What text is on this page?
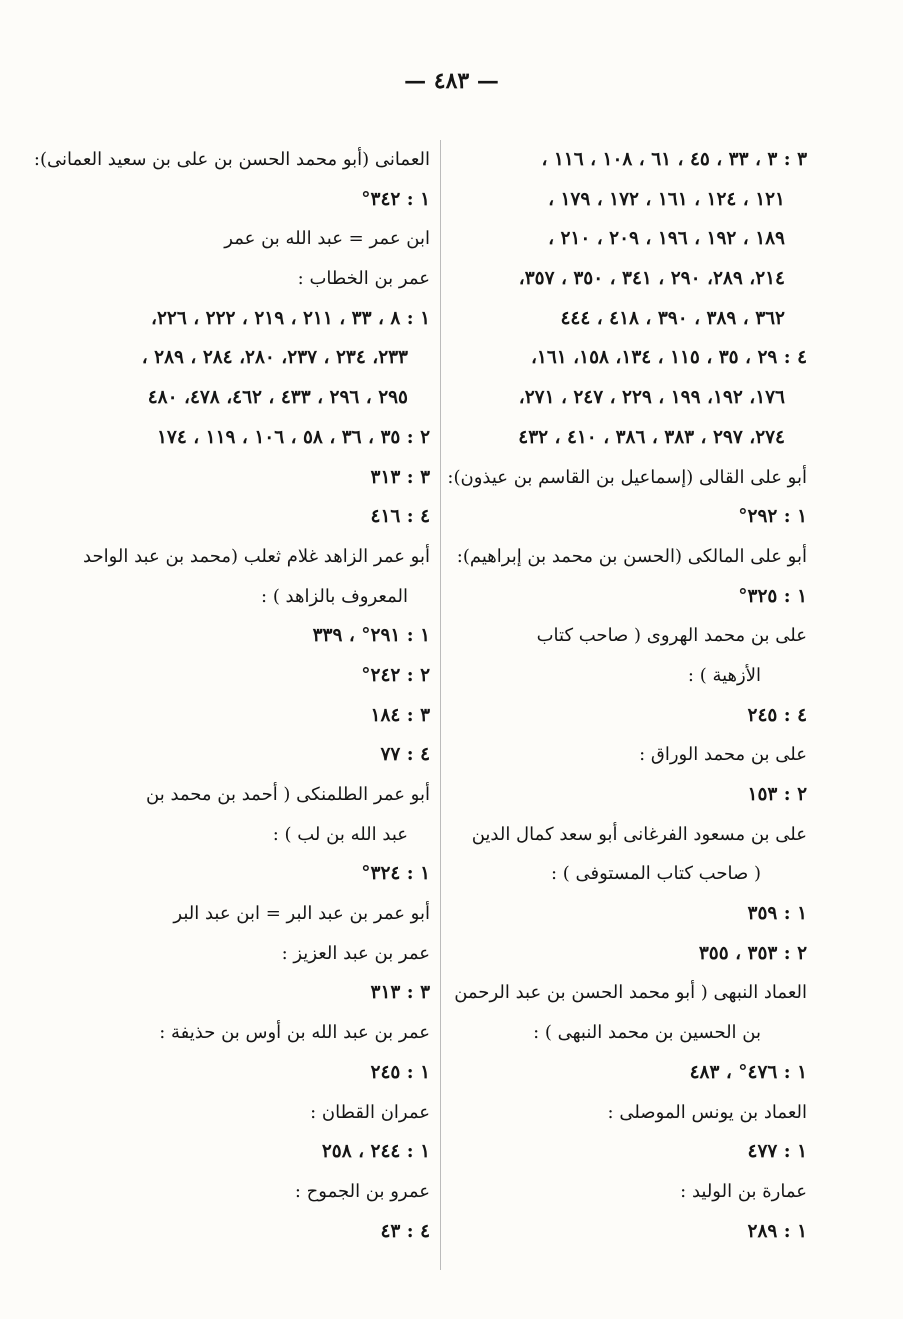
— ٤٨٣ —
٣ : ٣ ، ٣٣ ، ٤٥ ، ٦١ ، ١٠٨ ، ١١٦ ،
١٢١ ، ١٢٤ ، ١٦١ ، ١٧٢ ، ١٧٩ ،
١٨٩ ، ١٩٢ ، ١٩٦ ، ٢٠٩ ، ٢١٠ ،
٢١٤، ٢٨٩، ٢٩٠ ، ٣٤١ ، ٣٥٠ ، ٣٥٧،
٣٦٢ ، ٣٨٩ ، ٣٩٠ ، ٤١٨ ، ٤٤٤
٤ : ٢٩ ، ٣٥ ، ١١٥ ، ١٣٤، ١٥٨، ١٦١،
١٧٦، ١٩٢، ١٩٩ ، ٢٢٩ ، ٢٤٧ ، ٢٧١،
٢٧٤، ٢٩٧ ، ٣٨٣ ، ٣٨٦ ، ٤١٠ ، ٤٣٢
أبو على القالى (إسماعيل بن القاسم بن عيذون):
١ : ٢٩٢°
أبو على المالكى (الحسن بن محمد بن إبراهيم):
١ : ٣٢٥°
على بن محمد الهروى ( صاحب كتاب
الأزهية ) :
٤ : ٢٤٥
على بن محمد الوراق :
٢ : ١٥٣
على بن مسعود الفرغانى أبو سعد كمال الدين
( صاحب كتاب المستوفى ) :
١ : ٣٥٩
٢ : ٣٥٣ ، ٣٥٥
العماد النبهى ( أبو محمد الحسن بن عبد الرحمن
بن الحسين بن محمد النبهى ) :
١ : ٤٧٦° ، ٤٨٣
العماد بن يونس الموصلى :
١ : ٤٧٧
عمارة بن الوليد :
١ : ٢٨٩
العمانى (أبو محمد الحسن بن على بن سعيد العمانى):
١ : ٣٤٢°
ابن عمر = عبد الله بن عمر
عمر بن الخطاب :
١ : ٨ ، ٣٣ ، ٢١١ ، ٢١٩ ، ٢٢٢ ، ٢٢٦،
٢٣٣، ٢٣٤ ، ٢٣٧، ٢٨٠، ٢٨٤ ، ٢٨٩ ،
٢٩٥ ، ٢٩٦ ، ٤٣٣ ، ٤٦٢، ٤٧٨، ٤٨٠
٢ : ٣٥ ، ٣٦ ، ٥٨ ، ١٠٦ ، ١١٩ ، ١٧٤
٣ : ٣١٣
٤ : ٤١٦
أبو عمر الزاهد غلام ثعلب (محمد بن عبد الواحد
المعروف بالزاهد ) :
١ : ٢٩١° ، ٣٣٩
٢ : ٢٤٢°
٣ : ١٨٤
٤ : ٧٧
أبو عمر الطلمنكى ( أحمد بن محمد بن
عبد الله بن لب ) :
١ : ٣٢٤°
أبو عمر بن عبد البر = ابن عبد البر
عمر بن عبد العزيز :
٣ : ٣١٣
عمر بن عبد الله بن أوس بن حذيفة :
١ : ٢٤٥
عمران القطان :
١ : ٢٤٤ ، ٢٥٨
عمرو بن الجموح :
٤ : ٤٣
